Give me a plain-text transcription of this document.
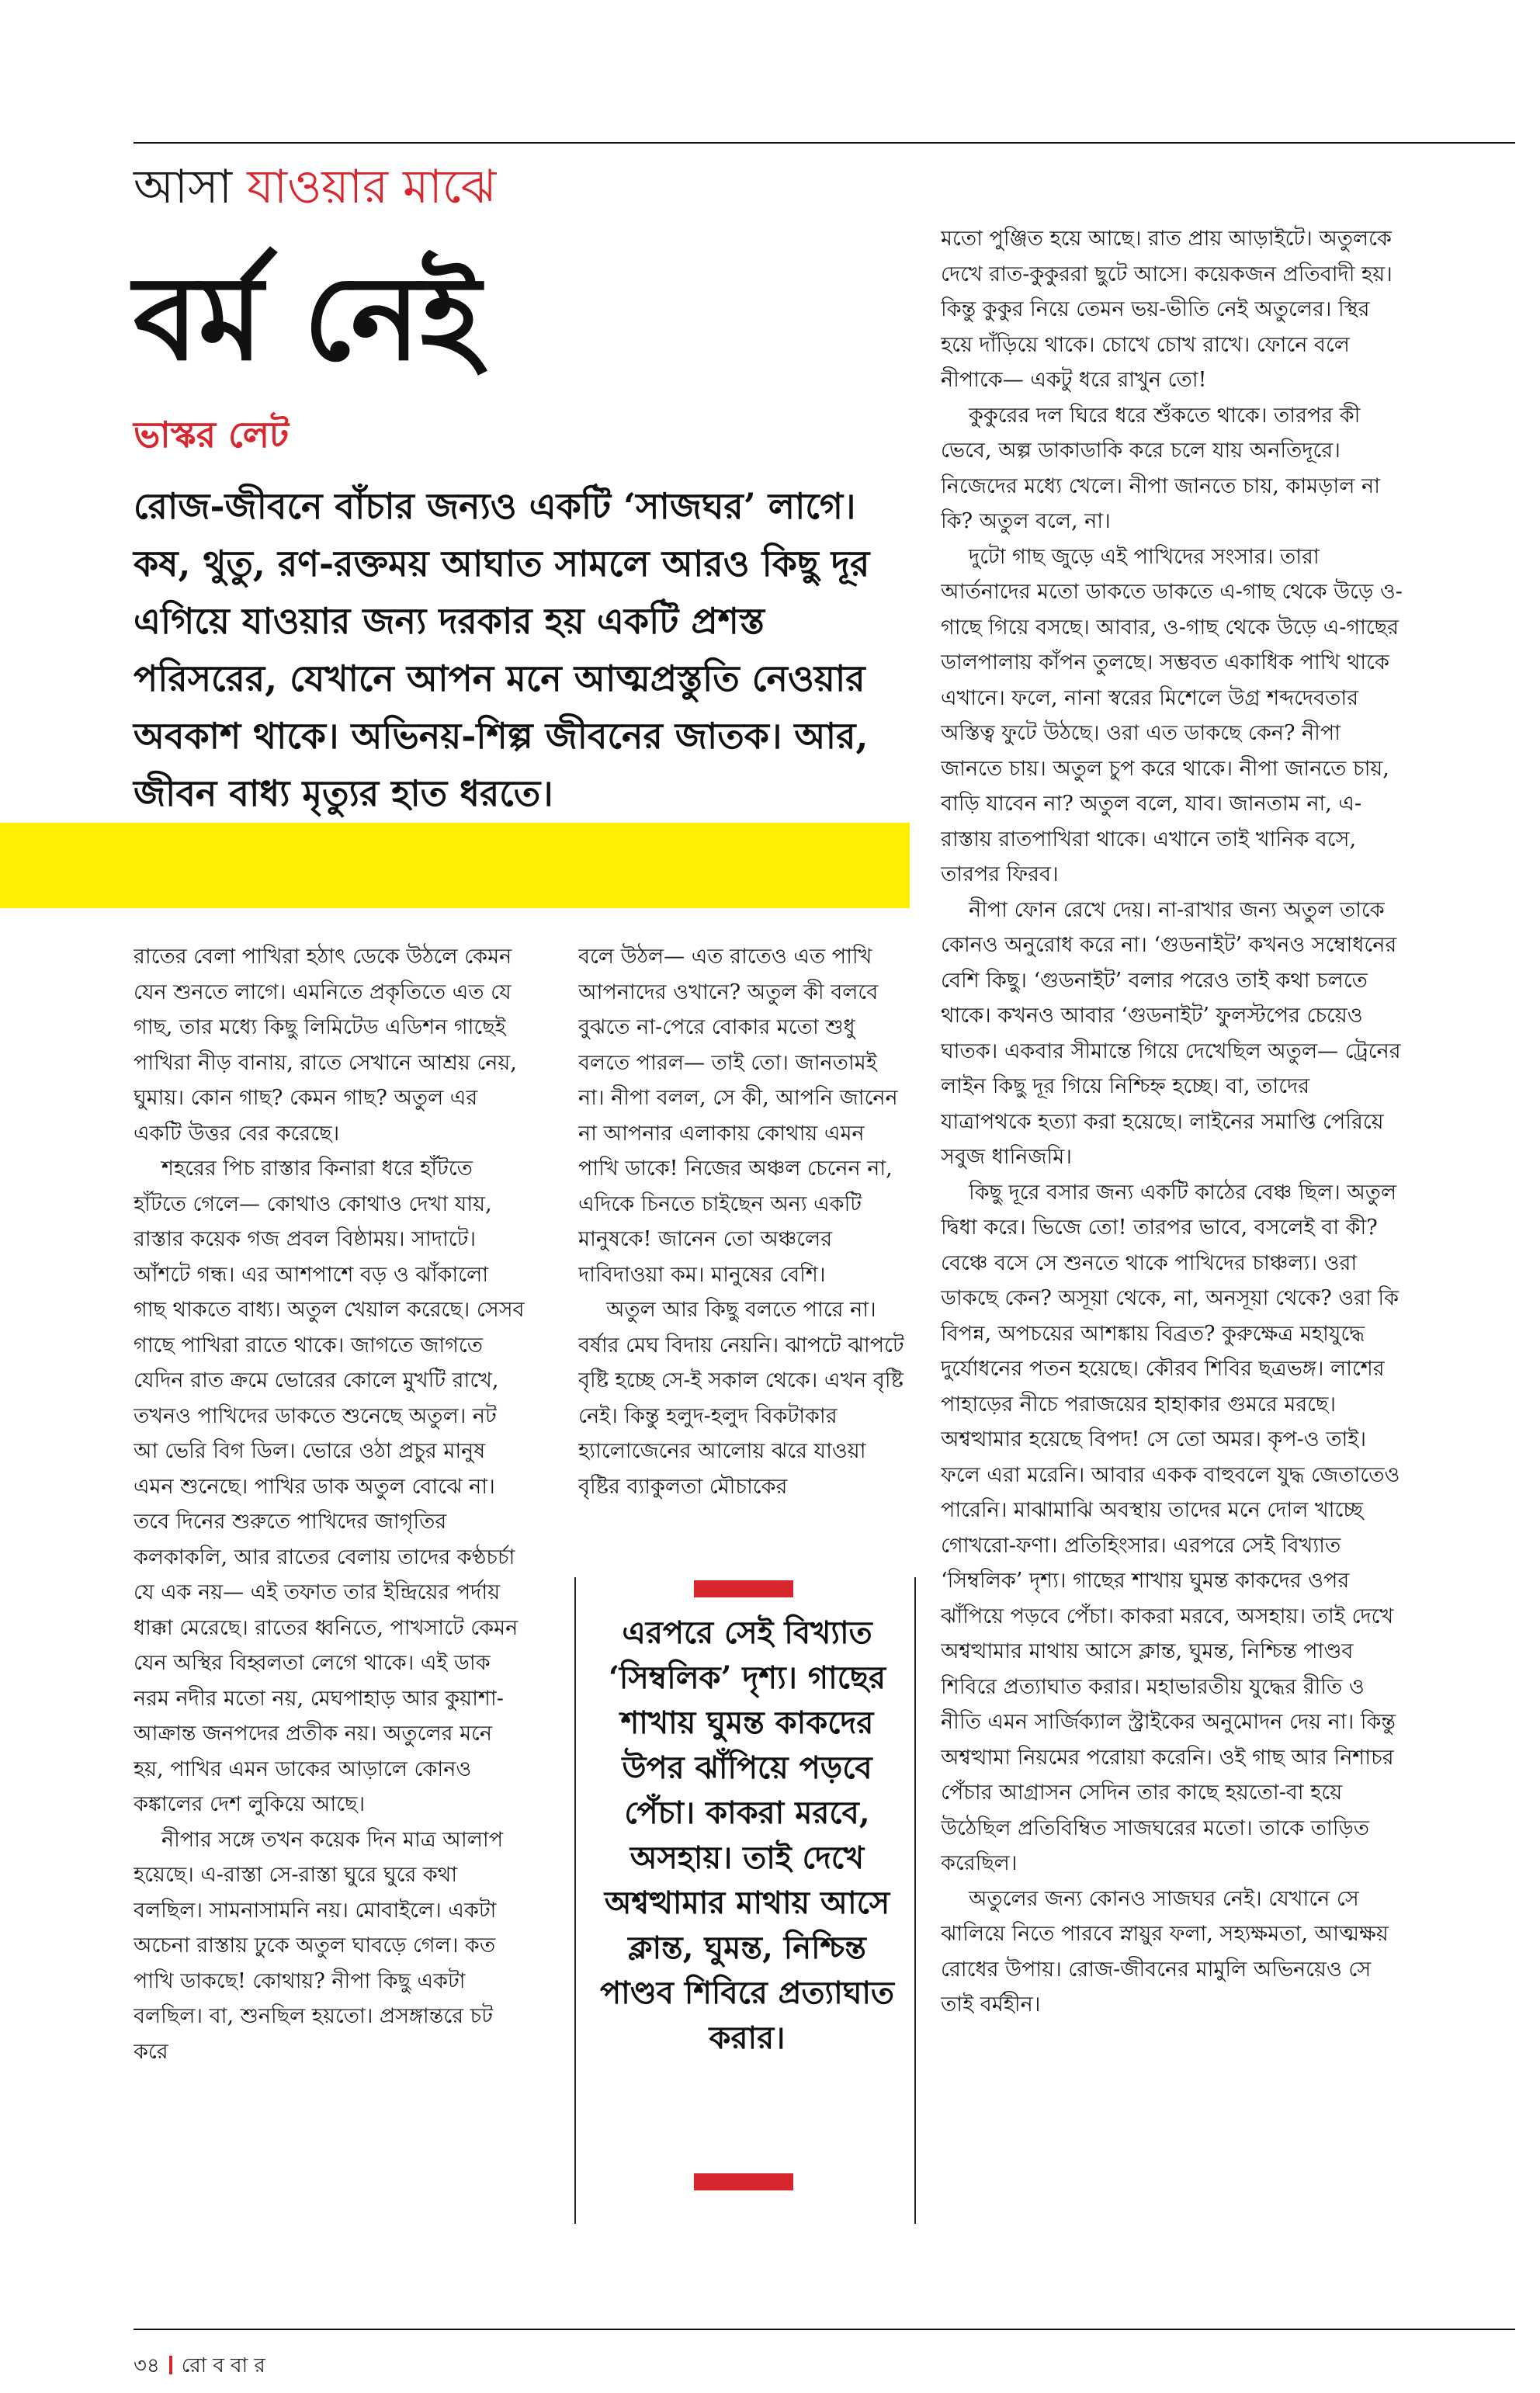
আসা যাওয়ার মাঝে
বর্ম নেই
ভাস্কর লেট
রোজ-জীবনে বাঁচার জন্যও একটি ‘সাজঘর’ লাগে। কষ, থুতু, রণ-রক্তময় আঘাত সামলে আরও কিছু দূর এগিয়ে যাওয়ার জন্য দরকার হয় একটি প্রশস্ত পরিসরের, যেখানে আপন মনে আত্মপ্রস্তুতি নেওয়ার অবকাশ থাকে। অভিনয়-শিল্প জীবনের জাতক। আর, জীবন বাধ্য মৃত্যুর হাত ধরতে।

রাতের বেলা পাখিরা হঠাৎ ডেকে উঠলে কেমন যেন শুনতে লাগে। এমনিতে প্রকৃতিতে এত যে গাছ, তার মধ্যে কিছু লিমিটেড এডিশন গাছেই পাখিরা নীড় বানায়, রাতে সেখানে আশ্রয় নেয়, ঘুমায়। কোন গাছ? কেমন গাছ? অতুল এর একটি উত্তর বের করেছে।

শহরের পিচ রাস্তার কিনারা ধরে হাঁটতে হাঁটতে গেলে— কোথাও কোথাও দেখা যায়, রাস্তার কয়েক গজ প্রবল বিষ্ঠাময়। সাদাটে। আঁশটে গন্ধ। এর আশপাশে বড় ও ঝাঁকালো গাছ থাকতে বাধ্য। অতুল খেয়াল করেছে। সেসব গাছে পাখিরা রাতে থাকে। জাগতে জাগতে যেদিন রাত ক্রমে ভোরের কোলে মুখটি রাখে, তখনও পাখিদের ডাকতে শুনেছে অতুল। নট আ ভেরি বিগ ডিল। ভোরে ওঠা প্রচুর মানুষ এমন শুনেছে। পাখির ডাক অতুল বোঝে না। তবে দিনের শুরুতে পাখিদের জাগৃতির কলকাকলি, আর রাতের বেলায় তাদের কণ্ঠচর্চা যে এক নয়— এই তফাত তার ইন্দ্রিয়ের পর্দায় ধাক্কা মেরেছে। রাতের ধ্বনিতে, পাখসাটে কেমন যেন অস্থির বিহ্বলতা লেগে থাকে। এই ডাক নরম নদীর মতো নয়, মেঘপাহাড় আর কুয়াশা-আক্রান্ত জনপদের প্রতীক নয়। অতুলের মনে হয়, পাখির এমন ডাকের আড়ালে কোনও কঙ্কালের দেশ লুকিয়ে আছে।

নীপার সঙ্গে তখন কয়েক দিন মাত্র আলাপ হয়েছে। এ-রাস্তা সে-রাস্তা ঘুরে ঘুরে কথা বলছিল। সামনাসামনি নয়। মোবাইলে। একটা অচেনা রাস্তায় ঢুকে অতুল ঘাবড়ে গেল। কত পাখি ডাকছে! কোথায়? নীপা কিছু একটা বলছিল। বা, শুনছিল হয়তো। প্রসঙ্গান্তরে চট করে

বলে উঠল— এত রাতেও এত পাখি আপনাদের ওখানে? অতুল কী বলবে বুঝতে না-পেরে বোকার মতো শুধু বলতে পারল— তাই তো। জানতামই না। নীপা বলল, সে কী, আপনি জানেন না আপনার এলাকায় কোথায় এমন পাখি ডাকে! নিজের অঞ্চল চেনেন না, এদিকে চিনতে চাইছেন অন্য একটি মানুষকে! জানেন তো অঞ্চলের দাবিদাওয়া কম। মানুষের বেশি।

অতুল আর কিছু বলতে পারে না। বর্ষার মেঘ বিদায় নেয়নি। ঝাপটে ঝাপটে বৃষ্টি হচ্ছে সে-ই সকাল থেকে। এখন বৃষ্টি নেই। কিন্তু হলুদ-হলুদ বিকটাকার হ্যালোজেনের আলোয় ঝরে যাওয়া বৃষ্টির ব্যাকুলতা মৌচাকের

এরপরে সেই বিখ্যাত ‘সিম্বলিক’ দৃশ্য। গাছের শাখায় ঘুমন্ত কাকদের উপর ঝাঁপিয়ে পড়বে পেঁচা। কাকরা মরবে, অসহায়। তাই দেখে অশ্বত্থামার মাথায় আসে ক্লান্ত, ঘুমন্ত, নিশ্চিন্ত পাণ্ডব শিবিরে প্রত্যাঘাত করার।

মতো পুঞ্জিত হয়ে আছে। রাত প্রায় আড়াইটে। অতুলকে দেখে রাত-কুকুররা ছুটে আসে। কয়েকজন প্রতিবাদী হয়। কিন্তু কুকুর নিয়ে তেমন ভয়-ভীতি নেই অতুলের। স্থির হয়ে দাঁড়িয়ে থাকে। চোখে চোখ রাখে। ফোনে বলে নীপাকে— একটু ধরে রাখুন তো!

কুকুরের দল ঘিরে ধরে শুঁকতে থাকে। তারপর কী ভেবে, অল্প ডাকাডাকি করে চলে যায় অনতিদূরে। নিজেদের মধ্যে খেলে। নীপা জানতে চায়, কামড়াল না কি? অতুল বলে, না।

দুটো গাছ জুড়ে এই পাখিদের সংসার। তারা আর্তনাদের মতো ডাকতে ডাকতে এ-গাছ থেকে উড়ে ও-গাছে গিয়ে বসছে। আবার, ও-গাছ থেকে উড়ে এ-গাছের ডালপালায় কাঁপন তুলছে। সম্ভবত একাধিক পাখি থাকে এখানে। ফলে, নানা স্বরের মিশেলে উগ্র শব্দদেবতার অস্তিত্ব ফুটে উঠছে। ওরা এত ডাকছে কেন? নীপা জানতে চায়। অতুল চুপ করে থাকে। নীপা জানতে চায়, বাড়ি যাবেন না? অতুল বলে, যাব। জানতাম না, এ-রাস্তায় রাতপাখিরা থাকে। এখানে তাই খানিক বসে, তারপর ফিরব।

নীপা ফোন রেখে দেয়। না-রাখার জন্য অতুল তাকে কোনও অনুরোধ করে না। ‘গুডনাইট’ কখনও সম্বোধনের বেশি কিছু। ‘গুডনাইট’ বলার পরেও তাই কথা চলতে থাকে। কখনও আবার ‘গুডনাইট’ ফুলস্টপের চেয়েও ঘাতক। একবার সীমান্তে গিয়ে দেখেছিল অতুল— ট্রেনের লাইন কিছু দূর গিয়ে নিশ্চিহ্ন হচ্ছে। বা, তাদের যাত্রাপথকে হত্যা করা হয়েছে। লাইনের সমাপ্তি পেরিয়ে সবুজ ধানিজমি।

কিছু দূরে বসার জন্য একটি কাঠের বেঞ্চ ছিল। অতুল দ্বিধা করে। ভিজে তো! তারপর ভাবে, বসলেই বা কী? বেঞ্চে বসে সে শুনতে থাকে পাখিদের চাঞ্চল্য। ওরা ডাকছে কেন? অসূয়া থেকে, না, অনসূয়া থেকে? ওরা কি বিপন্ন, অপচয়ের আশঙ্কায় বিব্রত? কুরুক্ষেত্র মহাযুদ্ধে দুর্যোধনের পতন হয়েছে। কৌরব শিবির ছত্রভঙ্গ। লাশের পাহাড়ের নীচে পরাজয়ের হাহাকার গুমরে মরছে। অশ্বত্থামার হয়েছে বিপদ! সে তো অমর। কৃপ-ও তাই। ফলে এরা মরেনি। আবার একক বাহুবলে যুদ্ধ জেতাতেও পারেনি। মাঝামাঝি অবস্থায় তাদের মনে দোল খাচ্ছে গোখরো-ফণা। প্রতিহিংসার। এরপরে সেই বিখ্যাত ‘সিম্বলিক’ দৃশ্য। গাছের শাখায় ঘুমন্ত কাকদের ওপর ঝাঁপিয়ে পড়বে পেঁচা। কাকরা মরবে, অসহায়। তাই দেখে অশ্বত্থামার মাথায় আসে ক্লান্ত, ঘুমন্ত, নিশ্চিন্ত পাণ্ডব শিবিরে প্রত্যাঘাত করার। মহাভারতীয় যুদ্ধের রীতি ও নীতি এমন সার্জিক্যাল স্ট্রাইকের অনুমোদন দেয় না। কিন্তু অশ্বত্থামা নিয়মের পরোয়া করেনি। ওই গাছ আর নিশাচর পেঁচার আগ্রাসন সেদিন তার কাছে হয়তো-বা হয়ে উঠেছিল প্রতিবিম্বিত সাজঘরের মতো। তাকে তাড়িত করেছিল।

অতুলের জন্য কোনও সাজঘর নেই। যেখানে সে ঝালিয়ে নিতে পারবে স্নায়ুর ফলা, সহ্যক্ষমতা, আত্মক্ষয় রোধের উপায়। রোজ-জীবনের মামুলি অভিনয়েও সে তাই বর্মহীন।

৩৪ রো ব বা র
